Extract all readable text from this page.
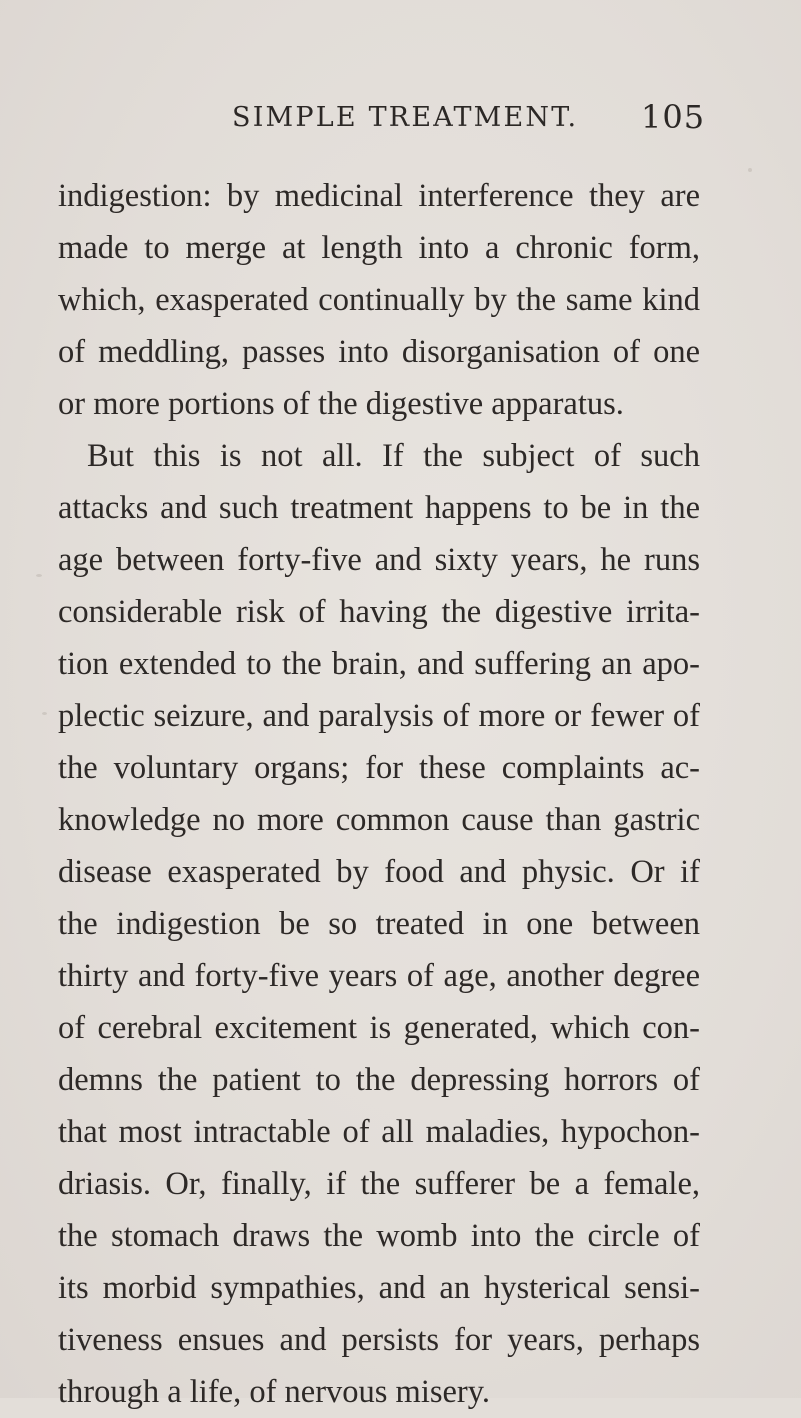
SIMPLE TREATMENT. 105
indigestion: by medicinal interference they are
made to merge at length into a chronic form,
which, exasperated continually by the same kind
of meddling, passes into disorganisation of one
or more portions of the digestive apparatus.
But this is not all. If the subject of such
attacks and such treatment happens to be in the
age between forty-five and sixty years, he runs
considerable risk of having the digestive irrita-
tion extended to the brain, and suffering an apo-
plectic seizure, and paralysis of more or fewer of
the voluntary organs; for these complaints ac-
knowledge no more common cause than gastric
disease exasperated by food and physic. Or if
the indigestion be so treated in one between
thirty and forty-five years of age, another degree
of cerebral excitement is generated, which con-
demns the patient to the depressing horrors of
that most intractable of all maladies, hypochon-
driasis. Or, finally, if the sufferer be a female,
the stomach draws the womb into the circle of
its morbid sympathies, and an hysterical sensi-
tiveness ensues and persists for years, perhaps
through a life, of nervous misery.
